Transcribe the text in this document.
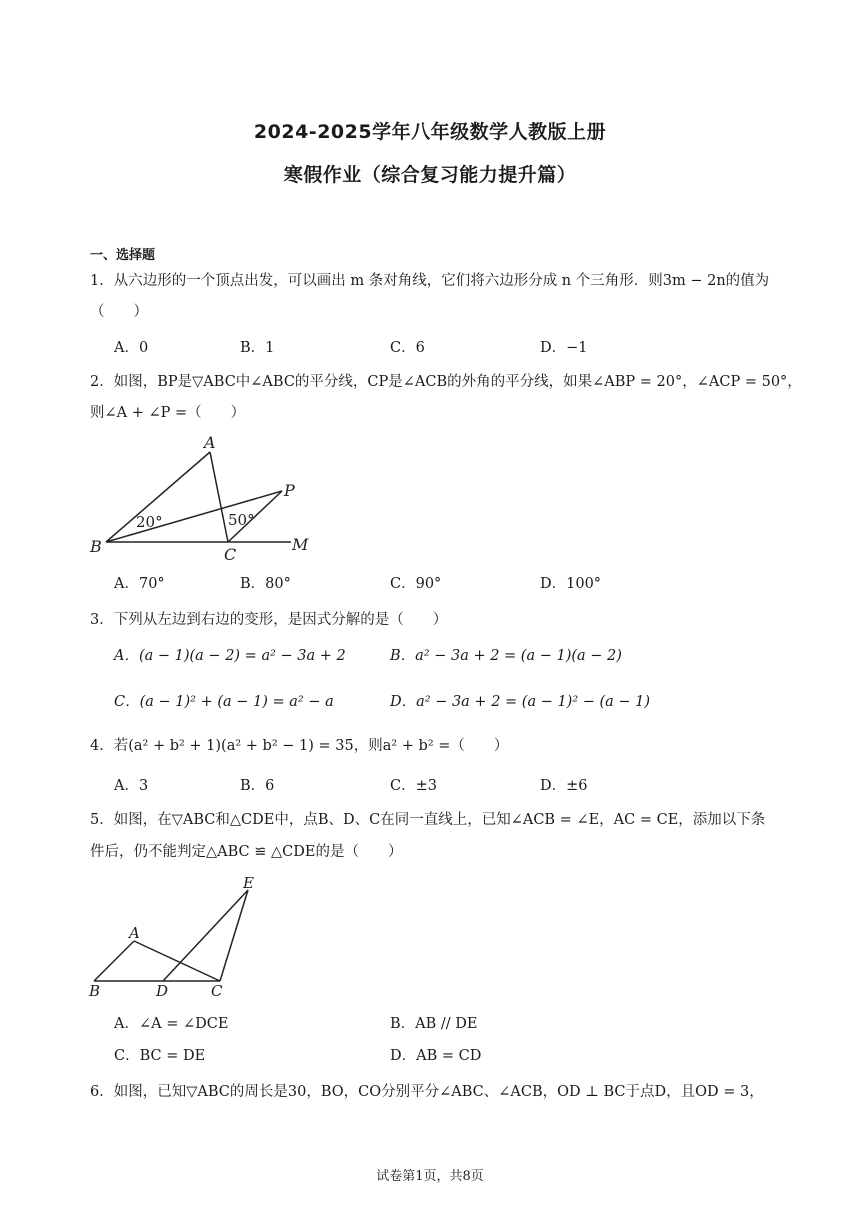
2024-2025学年八年级数学人教版上册
寒假作业（综合复习能力提升篇）
一、选择题
1．从六边形的一个顶点出发，可以画出 m 条对角线，它们将六边形分成 n 个三角形．则3m − 2n的值为
（　　）
A．0	B．1	C．6	D．−1
2．如图，BP是▽ABC中∠ABC的平分线，CP是∠ACB的外角的平分线，如果∠ABP = 20°，∠ACP = 50°，
则∠A + ∠P =（　　）
A
B	C
P
M
20°	50°
A．70°	B．80°	C．90°	D．100°
3．下列从左边到右边的变形，是因式分解的是（　　）
A．(a − 1)(a − 2) = a² − 3a + 2	B．a² − 3a + 2 = (a − 1)(a − 2)
C．(a − 1)² + (a − 1) = a² − a	D．a² − 3a + 2 = (a − 1)² − (a − 1)
4．若(a² + b² + 1)(a² + b² − 1) = 35，则a² + b² =（　　）
A．3	B．6	C．±3	D．±6
5．如图，在▽ABC和△CDE中，点B、D、C在同一直线上，已知∠ACB = ∠E，AC = CE，添加以下条
件后，仍不能判定△ABC ≌ △CDE的是（　　）
A
B	D	C
E
A．∠A = ∠DCE	B．AB // DE
C．BC = DE	D．AB = CD
6．如图，已知▽ABC的周长是30，BO，CO分别平分∠ABC、∠ACB，OD ⊥ BC于点D，且OD = 3，
试卷第1页，共8页
